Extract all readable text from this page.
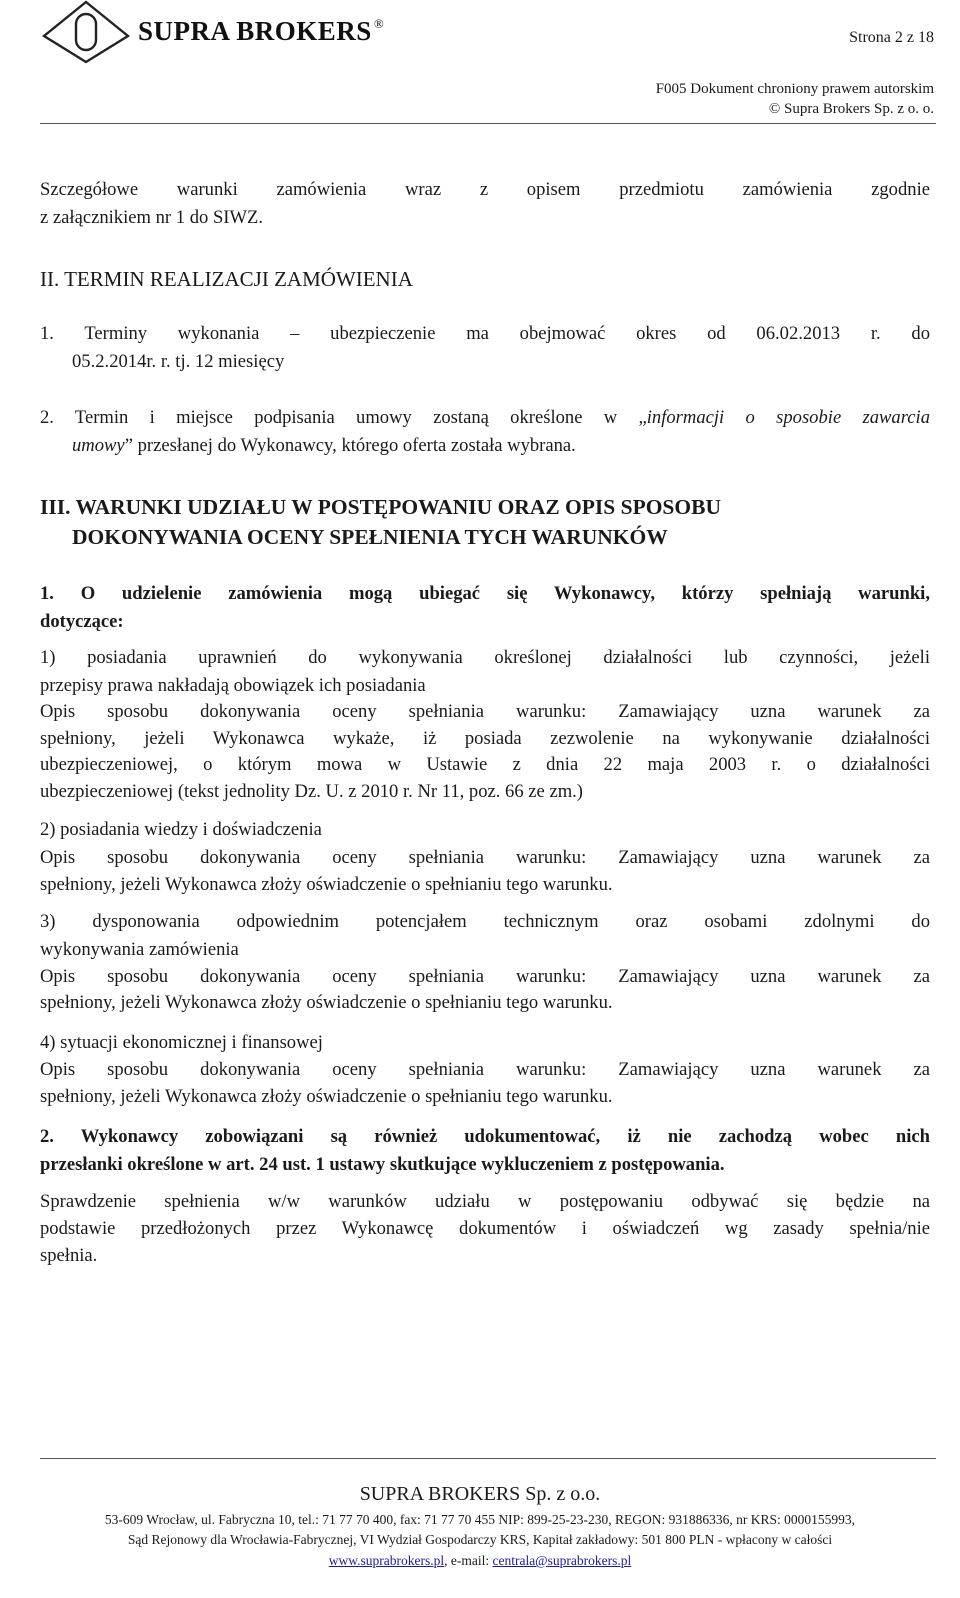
SUPRA BROKERS ®
Strona 2 z 18
F005 Dokument chroniony prawem autorskim
© Supra Brokers Sp. z o. o.
Szczegółowe warunki zamówienia wraz z opisem przedmiotu zamówienia zgodnie
z załącznikiem nr 1 do SIWZ.
II. TERMIN REALIZACJI ZAMÓWIENIA
1. Terminy wykonania – ubezpieczenie ma obejmować okres od 06.02.2013 r. do
05.2.2014r. r. tj. 12 miesięcy
2. Termin i miejsce podpisania umowy zostaną określone w „informacji o sposobie zawarcia
umowy” przesłanej do Wykonawcy, którego oferta została wybrana.
III. WARUNKI UDZIAŁU W POSTĘPOWANIU ORAZ OPIS SPOSOBU
DOKONYWANIA OCENY SPEŁNIENIA TYCH WARUNKÓW
1. O udzielenie zamówienia mogą ubiegać się Wykonawcy, którzy spełniają warunki,
dotyczące:
1) posiadania uprawnień do wykonywania określonej działalności lub czynności, jeżeli
przepisy prawa nakładają obowiązek ich posiadania
Opis sposobu dokonywania oceny spełniania warunku: Zamawiający uzna warunek za
spełniony, jeżeli Wykonawca wykaże, iż posiada zezwolenie na wykonywanie działalności
ubezpieczeniowej, o którym mowa w Ustawie z dnia 22 maja 2003 r. o działalności
ubezpieczeniowej (tekst jednolity Dz. U. z 2010 r. Nr 11, poz. 66 ze zm.)
2) posiadania wiedzy i doświadczenia
Opis sposobu dokonywania oceny spełniania warunku: Zamawiający uzna warunek za
spełniony, jeżeli Wykonawca złoży oświadczenie o spełnianiu tego warunku.
3) dysponowania odpowiednim potencjałem technicznym oraz osobami zdolnymi do
wykonywania zamówienia
Opis sposobu dokonywania oceny spełniania warunku: Zamawiający uzna warunek za
spełniony, jeżeli Wykonawca złoży oświadczenie o spełnianiu tego warunku.
4) sytuacji ekonomicznej i finansowej
Opis sposobu dokonywania oceny spełniania warunku: Zamawiający uzna warunek za
spełniony, jeżeli Wykonawca złoży oświadczenie o spełnianiu tego warunku.
2. Wykonawcy zobowiązani są również udokumentować, iż nie zachodzą wobec nich
przesłanki określone w art. 24 ust. 1 ustawy skutkujące wykluczeniem z postępowania.
Sprawdzenie spełnienia w/w warunków udziału w postępowaniu odbywać się będzie na
podstawie przedłożonych przez Wykonawcę dokumentów i oświadczeń wg zasady spełnia/nie
spełnia.
SUPRA BROKERS Sp. z o.o.
53-609 Wrocław, ul. Fabryczna 10, tel.: 71 77 70 400, fax: 71 77 70 455 NIP: 899-25-23-230, REGON: 931886336, nr KRS: 0000155993,
Sąd Rejonowy dla Wrocławia-Fabrycznej, VI Wydział Gospodarczy KRS, Kapitał zakładowy: 501 800 PLN - wpłacony w całości
www.suprabrokers.pl, e-mail: centrala@suprabrokers.pl
